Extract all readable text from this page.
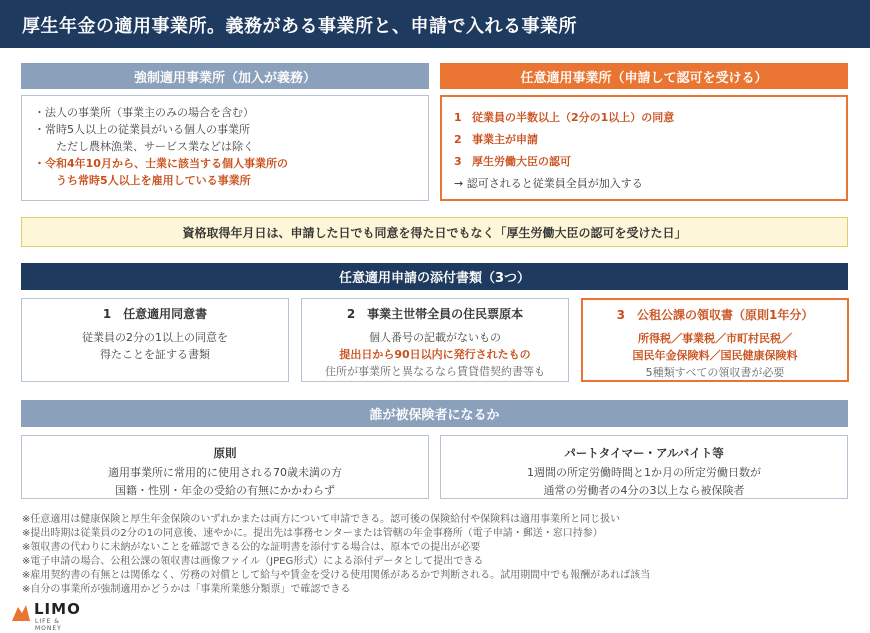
厚生年金の適用事業所。義務がある事業所と、申請で入れる事業所
強制適用事業所（加入が義務）
・法人の事業所（事業主のみの場合を含む）
・常時5人以上の従業員がいる個人の事業所
ただし農林漁業、サービス業などは除く
・令和4年10月から、士業に該当する個人事業所の
うち常時5人以上を雇用している事業所
任意適用事業所（申請して認可を受ける）
1 従業員の半数以上（2分の1以上）の同意
2 事業主が申請
3 厚生労働大臣の認可
→ 認可されると従業員全員が加入する
資格取得年月日は、申請した日でも同意を得た日でもなく「厚生労働大臣の認可を受けた日」
任意適用申請の添付書類（3つ）
1　任意適用同意書
従業員の2分の1以上の同意を
得たことを証する書類
2　事業主世帯全員の住民票原本
個人番号の記載がないもの
提出日から90日以内に発行されたもの
住所が事業所と異なるなら賃貸借契約書等も
3　公租公課の領収書（原則1年分）
所得税／事業税／市町村民税／
国民年金保険料／国民健康保険料
5種類すべての領収書が必要
誰が被保険者になるか
原則
適用事業所に常用的に使用される70歳未満の方
国籍・性別・年金の受給の有無にかかわらず
パートタイマー・アルバイト等
1週間の所定労働時間と1か月の所定労働日数が
通常の労働者の4分の3以上なら被保険者
※任意適用は健康保険と厚生年金保険のいずれかまたは両方について申請できる。認可後の保険給付や保険料は適用事業所と同じ扱い
※提出時期は従業員の2分の1の同意後、速やかに。提出先は事務センターまたは管轄の年金事務所（電子申請・郵送・窓口持参）
※領収書の代わりに未納がないことを確認できる公的な証明書を添付する場合は、原本での提出が必要
※電子申請の場合、公租公課の領収書は画像ファイル（JPEG形式）による添付データとして提出できる
※雇用契約書の有無とは関係なく、労務の対償として給与や賃金を受ける使用関係があるかで判断される。試用期間中でも報酬があれば該当
※自分の事業所が強制適用かどうかは「事業所業態分類票」で確認できる
LIMO
LIFE & MONEY
